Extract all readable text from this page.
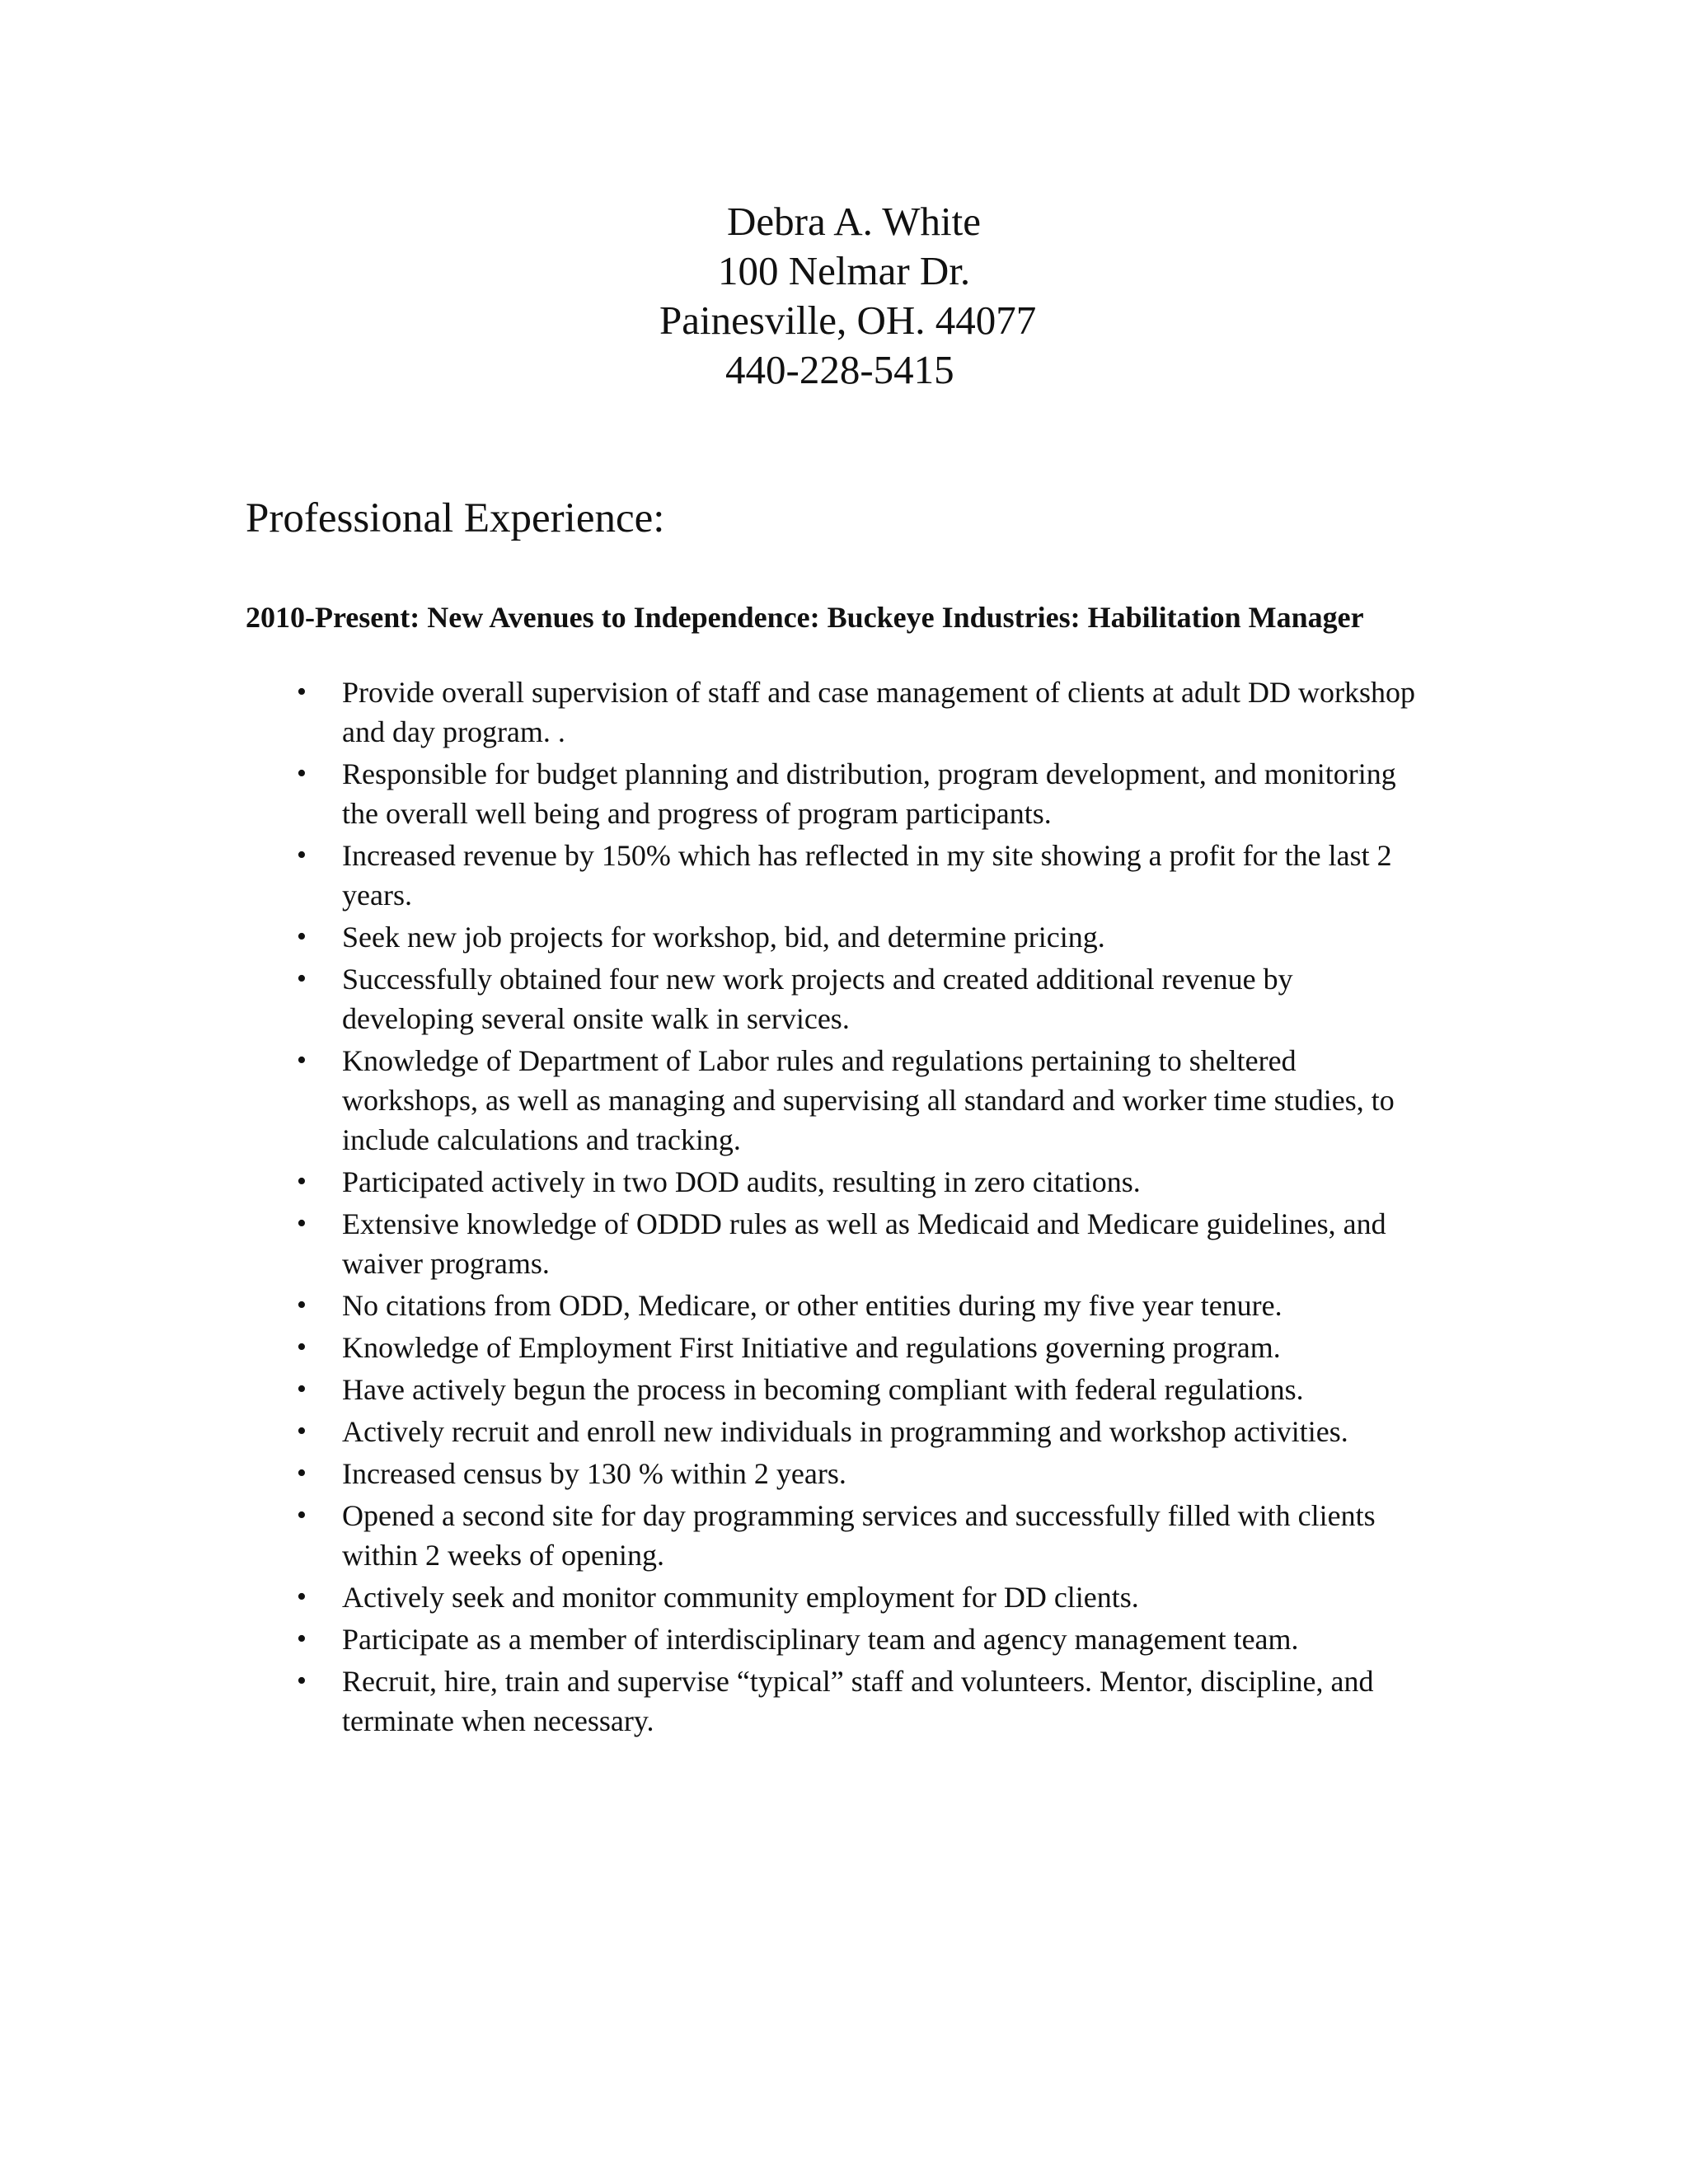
Debra A. White
100 Nelmar Dr.
Painesville, OH. 44077
440-228-5415
Professional Experience:

2010-Present: New Avenues to Independence: Buckeye Industries: Habilitation Manager

• Provide overall supervision of staff and case management of clients at adult DD workshop and day program. .
• Responsible for budget planning and distribution, program development, and monitoring the overall well being and progress of program participants.
• Increased revenue by 150% which has reflected in my site showing a profit for the last 2 years.
• Seek new job projects for workshop, bid, and determine pricing.
• Successfully obtained four new work projects and created additional revenue by developing several onsite walk in services.
• Knowledge of Department of Labor rules and regulations pertaining to sheltered workshops, as well as managing and supervising all standard and worker time studies, to include calculations and tracking.
• Participated actively in two DOD audits, resulting in zero citations.
• Extensive knowledge of ODDD rules as well as Medicaid and Medicare guidelines, and waiver programs.
• No citations from ODD, Medicare, or other entities during my five year tenure.
• Knowledge of Employment First Initiative and regulations governing program.
• Have actively begun the process in becoming compliant with federal regulations.
• Actively recruit and enroll new individuals in programming and workshop activities.
• Increased census by 130 % within 2 years.
• Opened a second site for day programming services and successfully filled with clients within 2 weeks of opening.
• Actively seek and monitor community employment for DD clients.
• Participate as a member of interdisciplinary team and agency management team.
• Recruit, hire, train and supervise “typical” staff and volunteers. Mentor, discipline, and terminate when necessary.
